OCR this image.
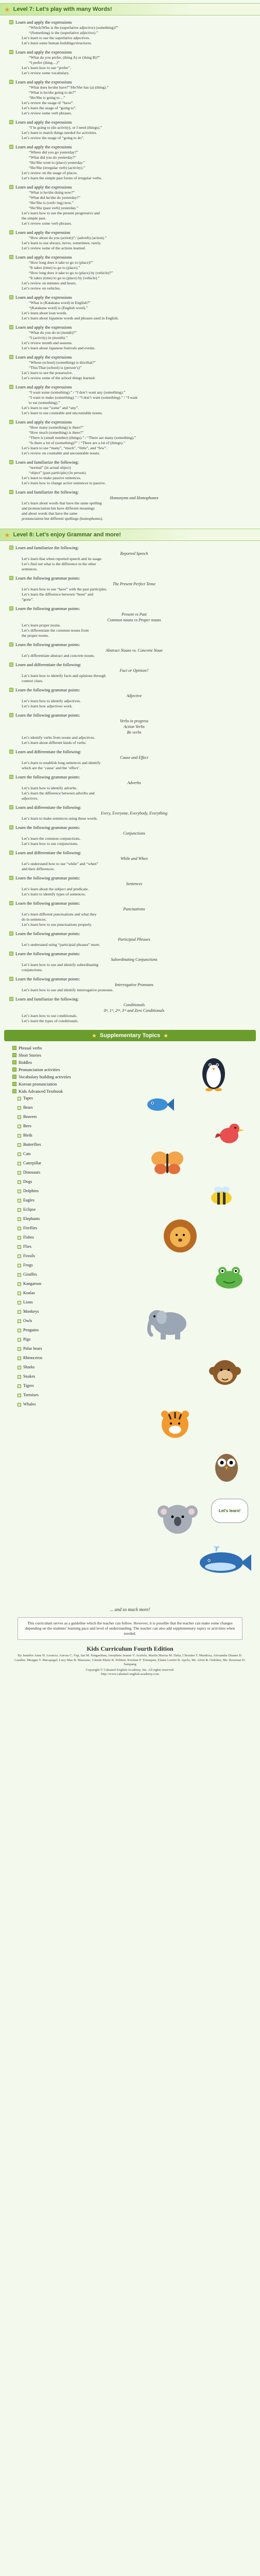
★ Level 7: Let’s play with many Words!
Learn and apply the expressions
“Which/Who is the (superlative adjective) (something)?”
“(Something) is the (superlative adjective).”
Let’s learn to use the superlative adjectives.
Let’s learn some human buildings/structures.
Learn and apply the expressions
“What do you prefer, (thing A) or (thing B)?”
“I prefer (thing…)”
Let’s learn how to use “prefer”.
Let’s review some vocabulary.
Learn and apply the expressions
“What does he/she have?”/He/She has (a) (thing).”
“What is he/she going to do?”
“He/She is going to…”
Let’s review the usage of “have”.
Let’s learn the usage of “going to”.
Let’s review some verb phrases.
Learn and apply the expressions
“I’m going to (do activity), or I need (things).”
Let’s learn to match things needed for activities.
Let’s review the usage of “going to do”.
Learn and apply the expressions
“Where did you go yesterday?”
“What did you do yesterday?”
“He/She went to (place) yesterday.”
“He/She (irregular verb) (activity).”
Let’s review on the usage of places.
Let’s learn the simple past forms of irregular verbs.
Learn and apply the expressions
“What is he/she doing now?”
“What did he/she do yesterday?”
“He/She is (verb+ing) now.”
“He/She (past verb) yesterday.”
Let’s learn how to use the present progressive and
the simple past.
Let’s review some verb phrases.
Learn and apply the expression
“How about do you (action)? / (adverb) (action).”
Let’s learn to use always, never, sometimes, rarely.
Let’s review some of the actions learned.
Learn and apply the expressions
“How long does it take to go to (place)?”
“It takes (time) to go to (place).”
“How long does it take to go to (place) by (vehicle)?”
“It takes (time) to go to (place) by (vehicle).”
Let’s review on minutes and hours.
Let’s review on vehicles.
Learn and apply the expressions
“What is (Katakana word) in English?”
“(Katakana word) is (English word).”
Let’s learn about loan words.
Let’s learn about Japanese words and phrases used in English.
Learn and apply the expressions
“What do you do in (month)?”
“I (activity) in (month).”
Let’s review month and seasons.
Let’s learn about Japanese festivals and events.
Learn and apply the expressions
“Whose (school) (something) is this/that?”
“This/That (school) is (person’s)”
Let’s learn to use the possessive.
Let’s review some of the school things learned.
Learn and apply the expressions
“I want some (something).” / “I don’t want any (something).”
“I want to make (something).” / “I don’t want (something).” / “I want
to eat (something).”
Let’s learn to use “some” and “any”.
Let’s learn to use countable and uncountable nouns.
Learn and apply the expressions
“How many (something) is there?”
“How much (something) is there?”
“There is (small number) (things).” / “There are many (something).”
“Is there a lot of (something)?” / “There are a lot of (things).”
Let’s learn to use “many”, “much”, “little”, and “few”.
Let’s review on countable and uncountable nouns.
Learn and familiarize the following:
“normal” (in actual object)
“object” (past participle) (in person).
Let’s learn to make passive sentences.
Let’s learn how to change active sentences to passive.
Learn and familiarize the following:
Homonyms and Homophones
Let’s learn about words that have the same spelling
and pronunciation but have different meanings
and about words that have the same
pronunciation but different spellings (homophones).
★ Level 8: Let’s enjoy Grammar and more!
Learn and familiarize the following:
Reported Speech
Let’s learn that when reported speech and its usage.
Let’s find out what is the difference in the other
sentences.
Learn the following grammar points:
The Present Perfect Tense
Let’s learn how to use “have” with the past participles.
Let’s learn the difference between “been” and
“gone”.
Learn the following grammar points:
Present vs Past
Common nouns vs Proper nouns
Let’s learn proper nouns.
Let’s differentiate the common nouns from
the proper nouns.
Learn the following grammar points:
Abstract Nouns vs. Concrete Noun
Let’s differentiate abstract and concrete nouns.
Learn and differentiate the following:
Fact or Opinion?
Let’s learn how to identify facts and opinions through
context clues.
Learn the following grammar points:
Adjective
Let’s learn how to identify adjectives.
Let’s learn how adjectives work.
Learn the following grammar points:
Verbs in progress
Action Verbs
Be verbs
Let’s identify verbs from nouns and adjectives.
Let’s learn about different kinds of verbs.
Learn and differentiate the following:
Cause and Effect
Let’s learn to establish long sentences and identify
which are the ‘cause’ and the ‘effect’.
Learn the following grammar points:
Adverbs
Let’s learn how to identify adverbs.
Let’s learn the difference between adverbs and
adjectives.
Learn and differentiate the following:
Every, Everyone, Everybody, Everything
Let’s learn to make sentences using these words.
Learn the following grammar points:
Conjunctions
Let’s learn the common conjunctions.
Let’s learn how to use conjunctions.
Learn and differentiate the following:
While and When
Let’s understand how to use “while” and “when”
and their differences.
Learn the following grammar points:
Sentences
Let’s learn about the subject and predicate.
Let’s learn to identify types of sentences.
Learn the following grammar points:
Punctuations
Let’s learn different punctuations and what they
do in sentences.
Let’s learn how to use punctuations properly.
Learn the following grammar points:
Participial Phrases
Let’s understand using “participial phrases” more.
Learn the following grammar points:
Subordinating Conjunctions
Let’s learn how to use and identify subordinating
conjunctions.
Learn the following grammar points:
Interrogative Pronouns
Let’s learn how to use and identify interrogative pronouns.
Learn and familiarize the following:
Conditionals
0ˢᵗ, 1ˢᵗ, 2ⁿᵈ, 3ʳᵈ and Zero Conditionals
Let’s learn how to use conditionals.
Let’s learn the types of conditionals.
★ Supplementary Topics ★
Phrasal verbs
Short Stories
Riddles
Pronunciation activities
Vocabulary building activities
Korean pronunciation
Kids Advanced Textbook
Tapes
Bears
Beavers
Bees
Birds
Butterflies
Cats
Caterpillar
Dinosaurs
Dogs
Dolphins
Eagles
Eclipse
Elephants
Fireflies
Fishes
Flies
Fossils
Frogs
Giraffes
Kangaroos
Koalas
Lions
Monkeys
Owls
Penguins
Pigs
Polar bears
Rhinoceros
Sharks
Snakes
Tigers
Tortoises
Whales
Let's learn!
... and so much more!
This curriculum serves as a guideline which the teacher can follow. However, it is possible that the teacher can make some changes depending on the students’ learning pace and level of understanding. The teacher can also add supplementary topics or activities when needed.
Kids Curriculum Fourth Edition
By Jennifer Anne H. Leoncio, Aurora C. Fuji, Ian M. Panganiban, Josephine Jeanne V. Acefelo, Marilu Marisa M. Daba, Christine T. Mendoza, Alexandra Dianne D. Gaudier, Meagan V. Macapagal, Lucy Mae B. Manzano, Glenda Marie R. Poblete, Kristine P. Tomaquin, Elaine Lorriet B. Apolo, Mr. Alvin B. Ordoñez, Ms. Rosemae D. Sampang
Copyright © Cabamel English Academy, Inc. All rights reserved.
http://www.cabamel-english-academy.com
